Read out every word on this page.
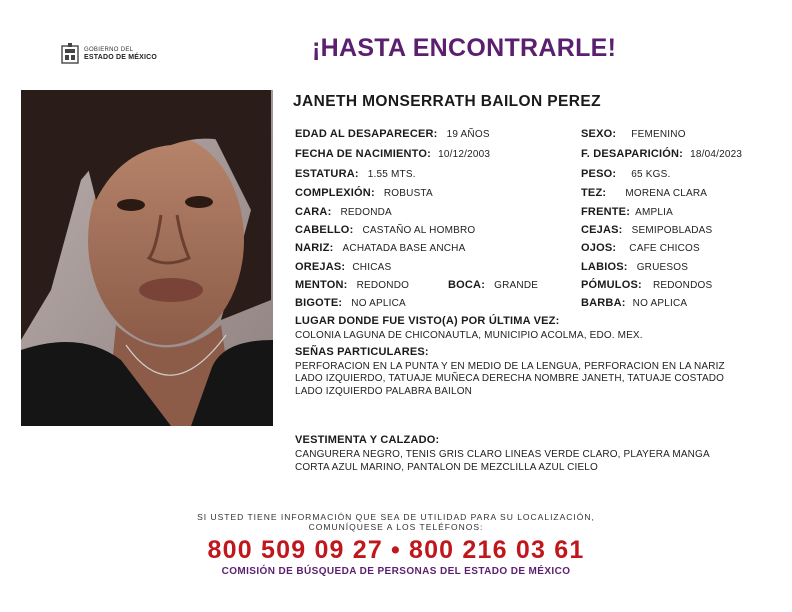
GOBIERNO DEL
ESTADO DE MÉXICO	¡HASTA ENCONTRARLE!
JANETH MONSERRATH BAILON PEREZ
EDAD AL DESAPARECER: 19 AÑOS
FECHA DE NACIMIENTO: 10/12/2003
ESTATURA: 1.55 MTS.
COMPLEXIÓN: ROBUSTA
CARA: REDONDA
CABELLO: CASTAÑO AL HOMBRO
NARIZ: ACHATADA BASE ANCHA
OREJAS: CHICAS
MENTON: REDONDO	BOCA: GRANDE
BIGOTE: NO APLICA
SEXO: FEMENINO
F. DESAPARICIÓN: 18/04/2023
PESO: 65 KGS.
TEZ: MORENA CLARA
FRENTE: AMPLIA
CEJAS: SEMIPOBLADAS
OJOS: CAFE CHICOS
LABIOS: GRUESOS
PÓMULOS: REDONDOS
BARBA: NO APLICA
LUGAR DONDE FUE VISTO(A) POR ÚLTIMA VEZ:
COLONIA LAGUNA DE CHICONAUTLA, MUNICIPIO ACOLMA, EDO. MEX.
SEÑAS PARTICULARES:
PERFORACION EN LA PUNTA Y EN MEDIO DE LA LENGUA, PERFORACION EN LA NARIZ
LADO IZQUIERDO, TATUAJE MUÑECA DERECHA NOMBRE JANETH, TATUAJE COSTADO
LADO IZQUIERDO PALABRA BAILON
VESTIMENTA Y CALZADO:
CANGURERA NEGRO, TENIS GRIS CLARO LINEAS VERDE CLARO, PLAYERA MANGA
CORTA AZUL MARINO, PANTALON DE MEZCLILLA AZUL CIELO
SI USTED TIENE INFORMACIÓN QUE SEA DE UTILIDAD PARA SU LOCALIZACIÓN,
COMUNÍQUESE A LOS TELÉFONOS:
800 509 09 27 • 800 216 03 61
COMISIÓN DE BÚSQUEDA DE PERSONAS DEL ESTADO DE MÉXICO
